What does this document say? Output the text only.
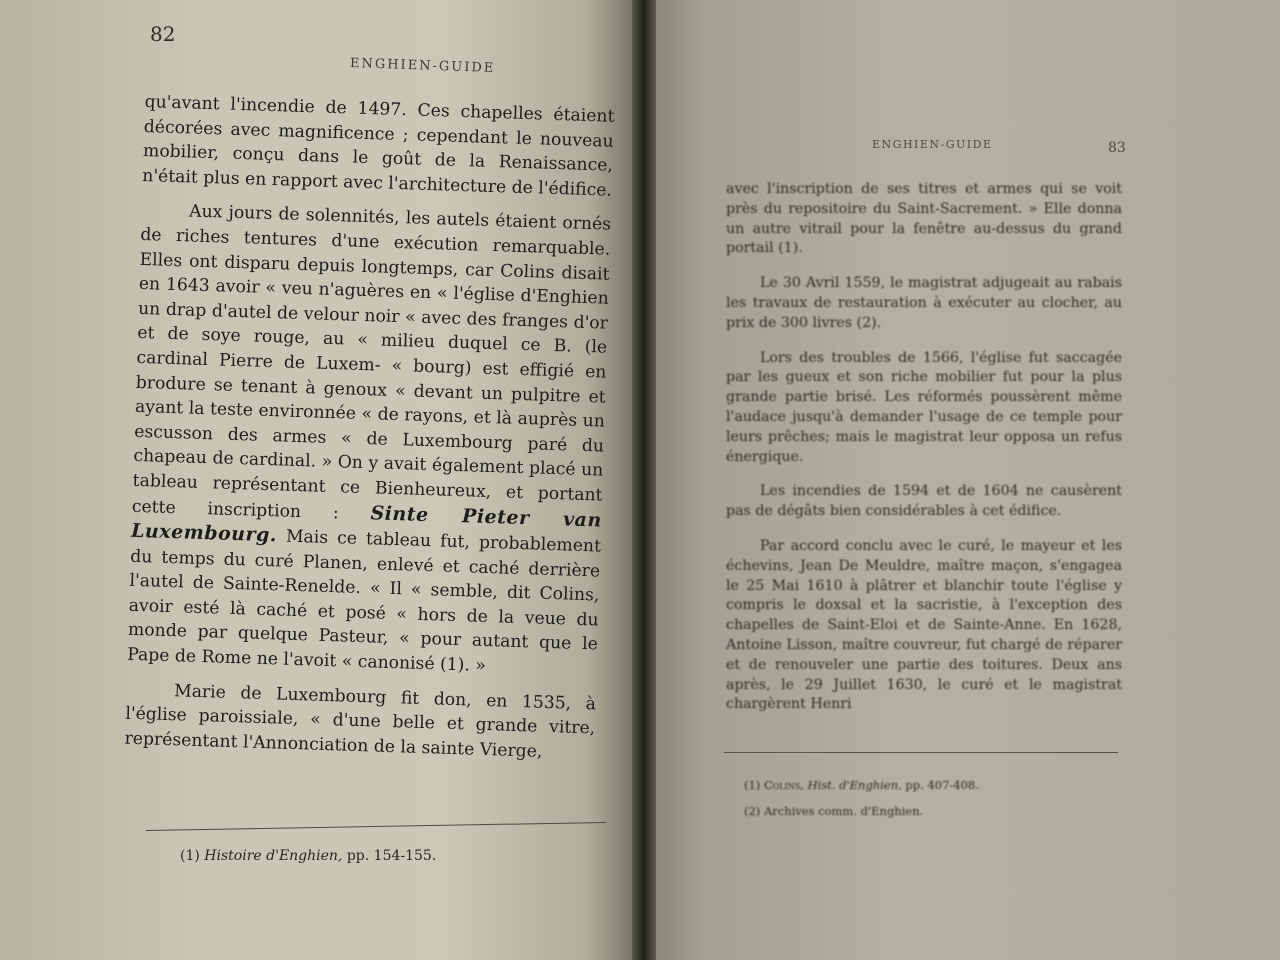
82
ENGHIEN-GUIDE

qu'avant l'incendie de 1497. Ces chapelles étaient décorées avec magnificence ; cependant le nouveau mobilier, conçu dans le goût de la Renaissance, n'était plus en rapport avec l'architecture de l'édifice.

Aux jours de solennités, les autels étaient ornés de riches tentures d'une exécution remarquable. Elles ont disparu depuis longtemps, car Colins disait en 1643 avoir « veu n'aguères en « l'église d'Enghien un drap d'autel de velour noir « avec des franges d'or et de soye rouge, au « milieu duquel ce B. (le cardinal Pierre de Luxem- « bourg) est effigié en brodure se tenant à genoux « devant un pulpitre et ayant la teste environnée « de rayons, et là auprès un escusson des armes « de Luxembourg paré du chapeau de cardinal. » On y avait également placé un tableau représentant ce Bienheureux, et portant cette inscription : Sinte Pieter van Luxembourg. Mais ce tableau fut, probablement du temps du curé Planen, enlevé et caché derrière l'autel de Sainte-Renelde. « Il « semble, dit Colins, avoir esté là caché et posé « hors de la veue du monde par quelque Pasteur, « pour autant que le Pape de Rome ne l'avoit « canonisé (1). »

Marie de Luxembourg fit don, en 1535, à l'église paroissiale, « d'une belle et grande vitre, représentant l'Annonciation de la sainte Vierge,

(1) Histoire d'Enghien, pp. 154-155.
ENGHIEN-GUIDE	83

avec l'inscription de ses titres et armes qui se voit près du repositoire du Saint-Sacrement. » Elle donna un autre vitrail pour la fenêtre au-dessus du grand portail (1).

Le 30 Avril 1559, le magistrat adjugeait au rabais les travaux de restauration à exécuter au clocher, au prix de 300 livres (2).

Lors des troubles de 1566, l'église fut saccagée par les gueux et son riche mobilier fut pour la plus grande partie brisé. Les réformés poussèrent même l'audace jusqu'à demander l'usage de ce temple pour leurs prêches; mais le magistrat leur opposa un refus énergique.

Les incendies de 1594 et de 1604 ne causèrent pas de dégâts bien considérables à cet édifice.

Par accord conclu avec le curé, le mayeur et les échevins, Jean De Meuldre, maître maçon, s'engagea le 25 Mai 1610 à plâtrer et blanchir toute l'église y compris le doxsal et la sacristie, à l'exception des chapelles de Saint-Eloi et de Sainte-Anne. En 1628, Antoine Lisson, maître couvreur, fut chargé de réparer et de renouveler une partie des toitures. Deux ans après, le 29 Juillet 1630, le curé et le magistrat chargèrent Henri

(1) Colins, Hist. d'Enghien, pp. 407-408.
(2) Archives comm. d'Enghien.
